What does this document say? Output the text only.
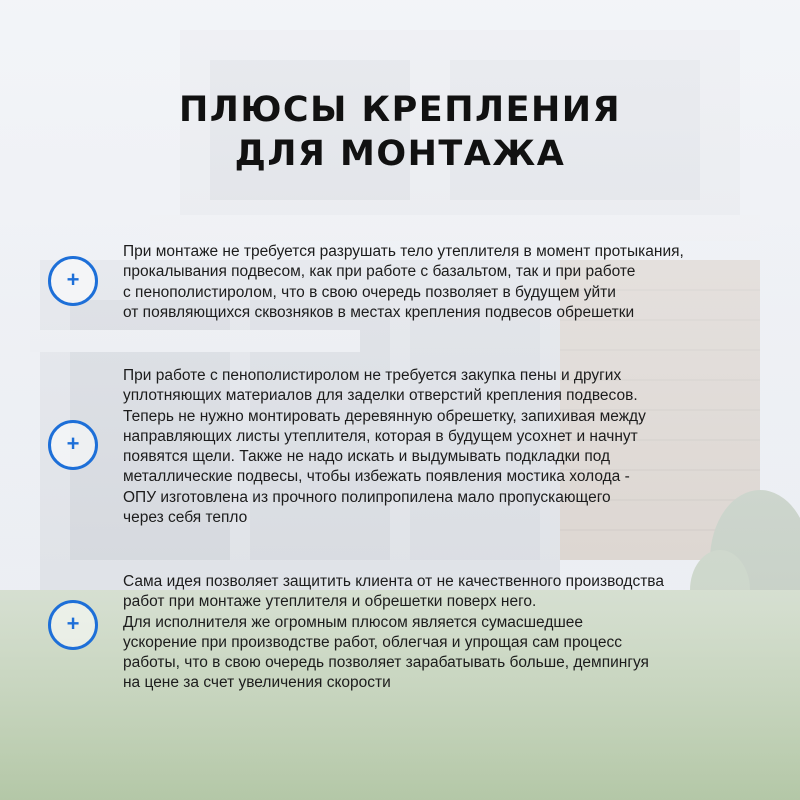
ПЛЮСЫ КРЕПЛЕНИЯ
ДЛЯ МОНТАЖА
+

При монтаже не требуется разрушать тело утеплителя в момент протыкания,
прокалывания подвесом, как при работе с базальтом, так и при работе
с пенополистиролом, что в свою очередь позволяет в будущем уйти
от появляющихся сквозняков в местах крепления подвесов обрешетки

+

При работе с пенополистиролом не требуется закупка пены и других
уплотняющих материалов для заделки отверстий крепления подвесов.
Теперь не нужно монтировать деревянную обрешетку, запихивая между
направляющих листы утеплителя, которая в будущем усохнет и начнут
появятся щели. Также не надо искать и выдумывать подкладки под
металлические подвесы, чтобы избежать появления мостика холода -
ОПУ изготовлена из прочного полипропилена мало пропускающего
через себя тепло

+

Сама идея позволяет защитить клиента от не качественного производства
работ при монтаже утеплителя и обрешетки поверх него.
Для исполнителя же огромным плюсом является сумасшедшее
ускорение при производстве работ, облегчая и упрощая сам процесс
работы, что в свою очередь позволяет зарабатывать больше, демпингуя
на цене за счет увеличения скорости
